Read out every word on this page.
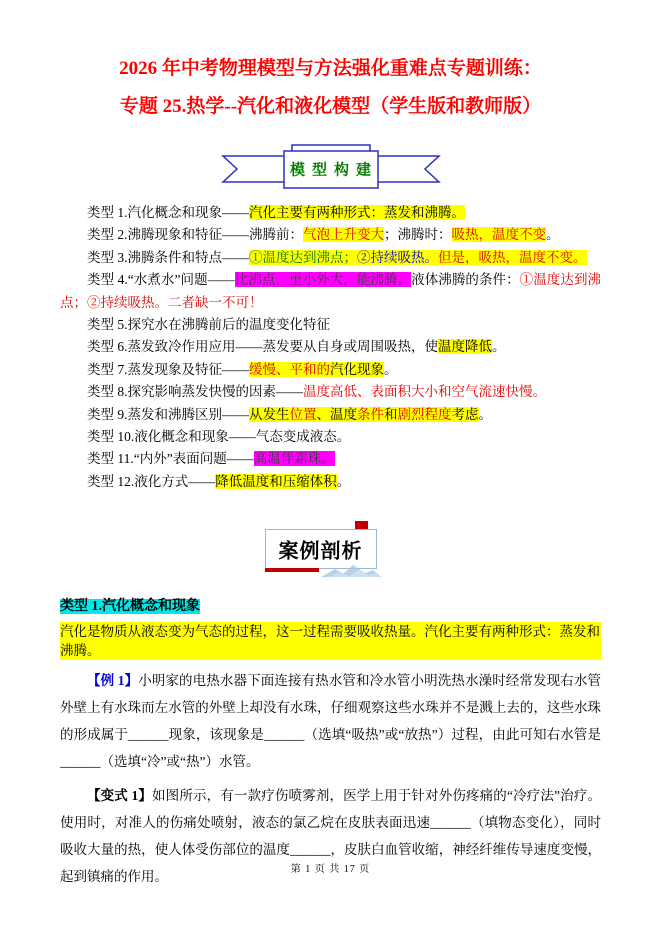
2026 年中考物理模型与方法强化重难点专题训练：
专题 25.热学--汽化和液化模型（学生版和教师版）
模型构建

类型 1.汽化概念和现象——汽化主要有两种形式：蒸发和沸腾。

类型 2.沸腾现象和特征——沸腾前：气泡上升变大；沸腾时：吸热，温度不变。

类型 3.沸腾条件和特点——①温度达到沸点；②持续吸热。但是，吸热，温度不变。

类型 4.“水煮水”问题——比沸点，里小外大，能沸腾。液体沸腾的条件：①温度达到沸点；②持续吸热。二者缺一不可！

类型 5.探究水在沸腾前后的温度变化特征

类型 6.蒸发致冷作用应用——蒸发要从自身或周围吸热，使温度降低。

类型 7.蒸发现象及特征——缓慢、平和的汽化现象。

类型 8.探究影响蒸发快慢的因素——温度高低、表面积大小和空气流速快慢。

类型 9.蒸发和沸腾区别——从发生位置、温度条件和剧烈程度考虑。

类型 10.液化概念和现象——气态变成液态。

类型 11.“内外”表面问题——高温伴霜珠。

类型 12.液化方式——降低温度和压缩体积。

案例剖析

类型 1.汽化概念和现象

汽化是物质从液态变为气态的过程，这一过程需要吸收热量。汽化主要有两种形式：蒸发和沸腾。

【例 1】小明家的电热水器下面连接有热水管和冷水管小明洗热水澡时经常发现右水管外壁上有水珠而左水管的外壁上却没有水珠，仔细观察这些水珠并不是溅上去的，这些水珠的形成属于______现象，该现象是______（选填“吸热”或“放热”）过程，由此可知右水管是______（选填“冷”或“热”）水管。

【变式 1】如图所示，有一款疗伤喷雾剂，医学上用于针对外伤疼痛的“冷疗法”治疗。使用时，对准人的伤痛处喷射，液态的氯乙烷在皮肤表面迅速______（填物态变化），同时吸收大量的热，使人体受伤部位的温度______，皮肤白血管收缩，神经纤维传导速度变慢，起到镇痛的作用。	第 1 页 共 17 页
